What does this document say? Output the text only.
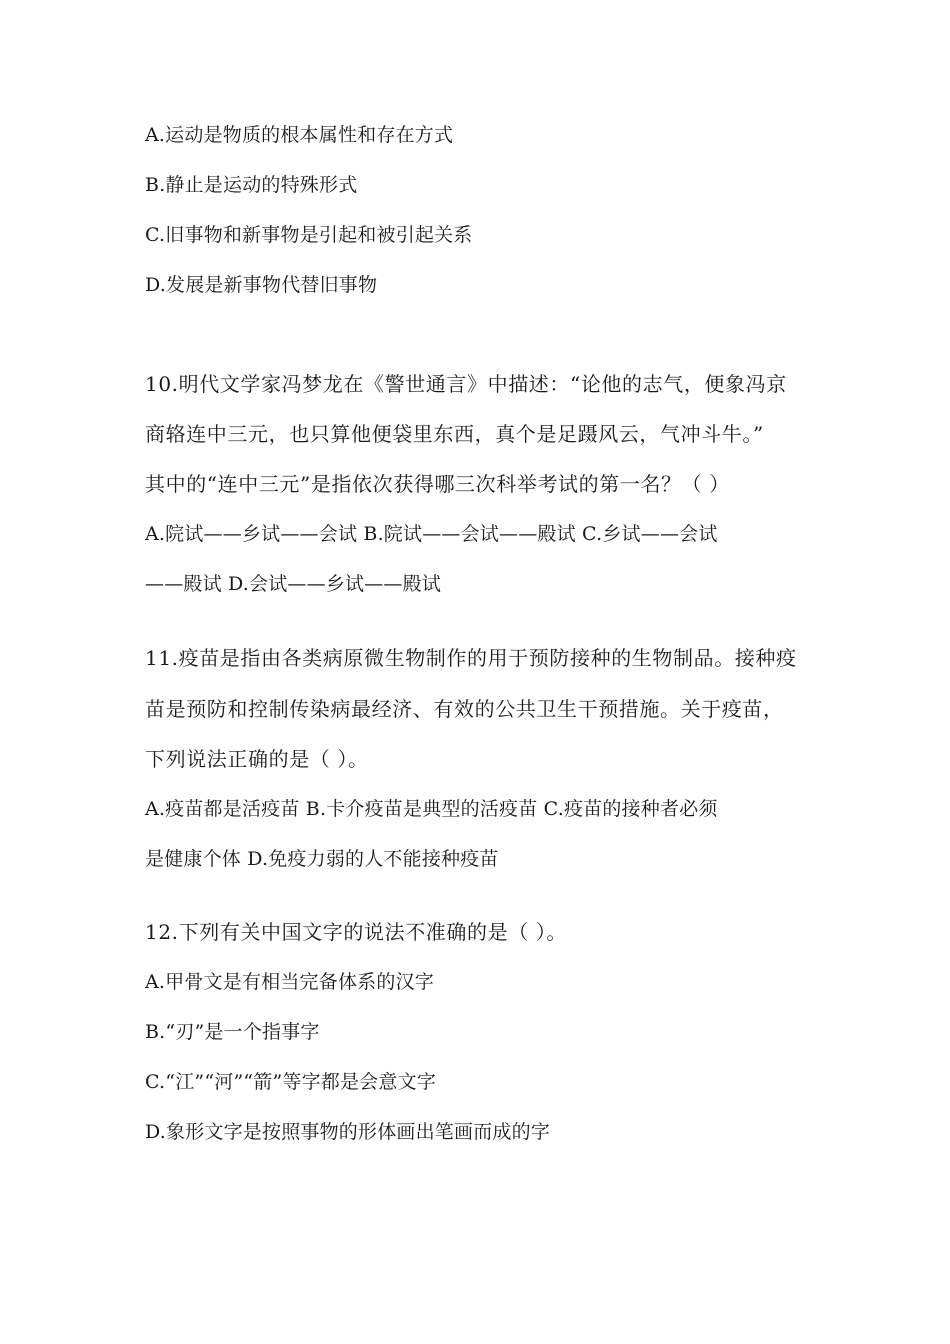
A.运动是物质的根本属性和存在方式
B.静止是运动的特殊形式
C.旧事物和新事物是引起和被引起关系
D.发展是新事物代替旧事物
10.明代文学家冯梦龙在《警世通言》中描述：“论他的志气，便象冯京
商辂连中三元，也只算他便袋里东西，真个是足蹑风云，气冲斗牛。”
其中的“连中三元”是指依次获得哪三次科举考试的第一名？（ ）
A.院试——乡试——会试 B.院试——会试——殿试 C.乡试——会试
——殿试 D.会试——乡试——殿试
11.疫苗是指由各类病原微生物制作的用于预防接种的生物制品。接种疫
苗是预防和控制传染病最经济、有效的公共卫生干预措施。关于疫苗，
下列说法正确的是（ ）。
A.疫苗都是活疫苗 B.卡介疫苗是典型的活疫苗 C.疫苗的接种者必须
是健康个体 D.免疫力弱的人不能接种疫苗
12.下列有关中国文字的说法不准确的是（ ）。
A.甲骨文是有相当完备体系的汉字
B.“刃”是一个指事字
C.“江”“河”“箭”等字都是会意文字
D.象形文字是按照事物的形体画出笔画而成的字
